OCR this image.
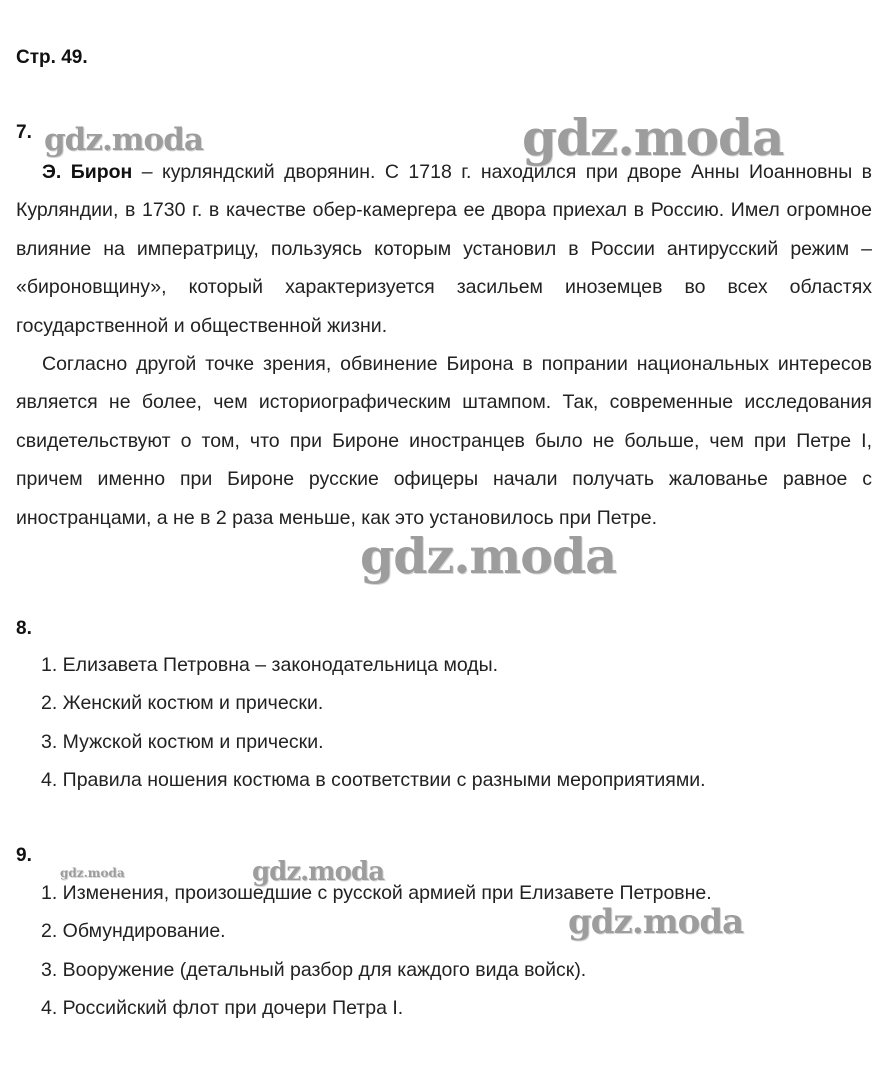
Стр. 49.
7.

Э. Бирон – курляндский дворянин. С 1718 г. находился при дворе Анны Иоанновны в Курляндии, в 1730 г. в качестве обер-камергера ее двора приехал в Россию. Имел огромное влияние на императрицу, пользуясь которым установил в России антирусский режим – «бироновщину», который характеризуется засильем иноземцев во всех областях государственной и общественной жизни.

Согласно другой точке зрения, обвинение Бирона в попрании национальных интересов является не более, чем историографическим штампом. Так, современные исследования свидетельствуют о том, что при Бироне иностранцев было не больше, чем при Петре I, причем именно при Бироне русские офицеры начали получать жалованье равное с иностранцами, а не в 2 раза меньше, как это установилось при Петре.

8.
1. Елизавета Петровна – законодательница моды.
2. Женский костюм и прически.
3. Мужской костюм и прически.
4. Правила ношения костюма в соответствии с разными мероприятиями.
9.
1. Изменения, произошедшие с русской армией при Елизавете Петровне.
2. Обмундирование.
3. Вооружение (детальный разбор для каждого вида войск).
4. Российский флот при дочери Петра I.
gdz.moda	gdz.moda
gdz.moda
gdz.moda	gdz.moda
gdz.moda
